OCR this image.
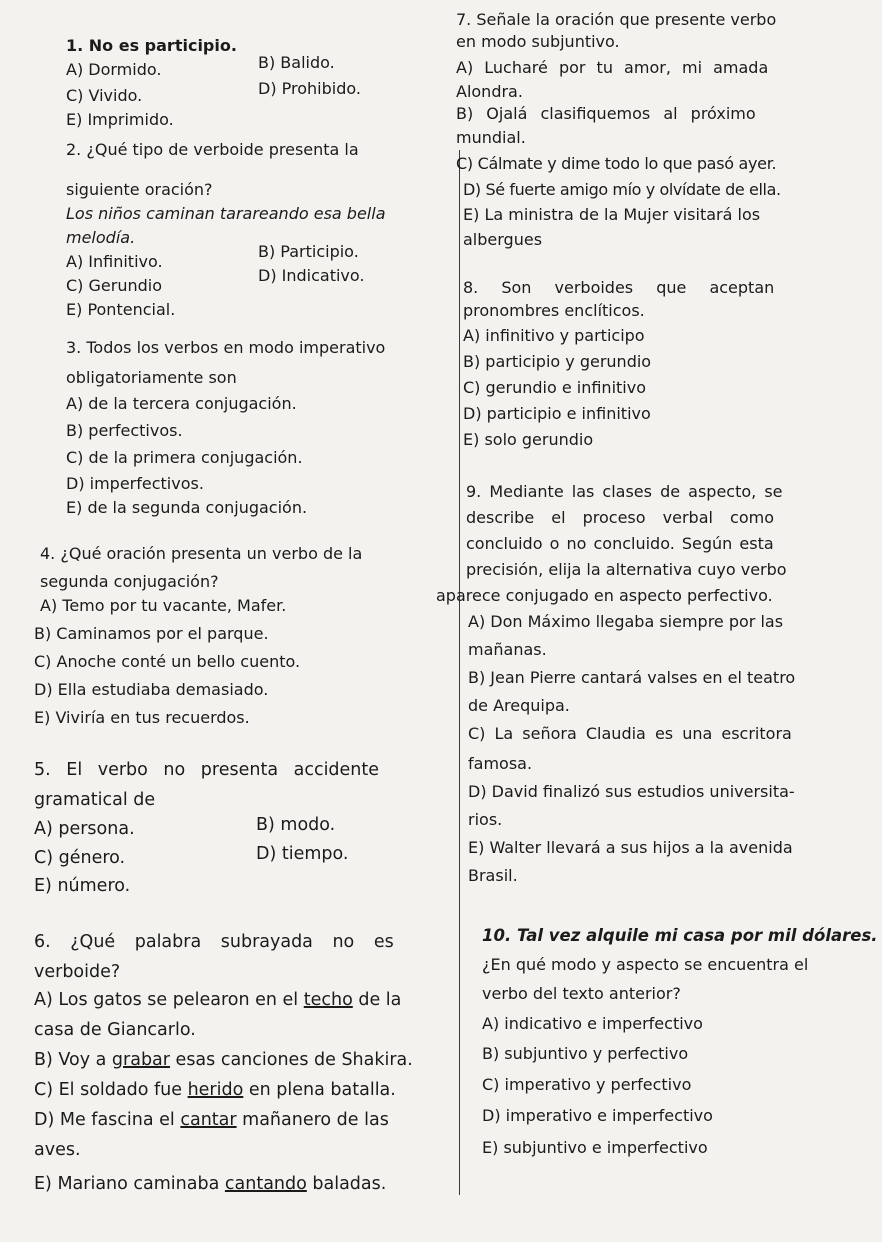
1. No es participio.
A) Dormido.	B) Balido.
C) Vivido.	D) Prohibido.
E) Imprimido.
2. ¿Qué tipo de verboide presenta la
siguiente oración?
Los niños caminan tarareando esa bella
melodía.
A) Infinitivo.
B) Participio.
C) Gerundio
D) Indicativo.
E) Pontencial.
3. Todos los verbos en modo imperativo
obligatoriamente son
A) de la tercera conjugación.
B) perfectivos.
C) de la primera conjugación.
D) imperfectivos.
E) de la segunda conjugación.
4. ¿Qué oración presenta un verbo de la
segunda conjugación?
A) Temo por tu vacante, Mafer.
B) Caminamos por el parque.
C) Anoche conté un bello cuento.
D) Ella estudiaba demasiado.
E) Viviría en tus recuerdos.
5. El verbo no presenta accidente
gramatical de
A) persona.	B) modo.
C) género.	D) tiempo.
E) número.
6. ¿Qué palabra subrayada no es
verboide?
A) Los gatos se pelearon en el techo de la
casa de Giancarlo.
B) Voy a grabar esas canciones de Shakira.
C) El soldado fue herido en plena batalla.
D) Me fascina el cantar mañanero de las
aves.
E) Mariano caminaba cantando baladas.
7. Señale la oración que presente verbo
en modo subjuntivo.
A) Lucharé por tu amor, mi amada
Alondra.
B) Ojalá clasifiquemos al próximo
mundial.
C) Cálmate y dime todo lo que pasó ayer.
D) Sé fuerte amigo mío y olvídate de ella.
E) La ministra de la Mujer visitará los
albergues
8. Son verboides que aceptan
pronombres enclíticos.
A) infinitivo y participo
B) participio y gerundio
C) gerundio e infinitivo
D) participio e infinitivo
E) solo gerundio
9. Mediante las clases de aspecto, se
describe el proceso verbal como
concluido o no concluido. Según esta
precisión, elija la alternativa cuyo verbo
aparece conjugado en aspecto perfectivo.
A) Don Máximo llegaba siempre por las
mañanas.
B) Jean Pierre cantará valses en el teatro
de Arequipa.
C) La señora Claudia es una escritora
famosa.
D) David finalizó sus estudios universita-
rios.
E) Walter llevará a sus hijos a la avenida
Brasil.
10. Tal vez alquile mi casa por mil dólares.
¿En qué modo y aspecto se encuentra el
verbo del texto anterior?
A) indicativo e imperfectivo
B) subjuntivo y perfectivo
C) imperativo y perfectivo
D) imperativo e imperfectivo
E) subjuntivo e imperfectivo
